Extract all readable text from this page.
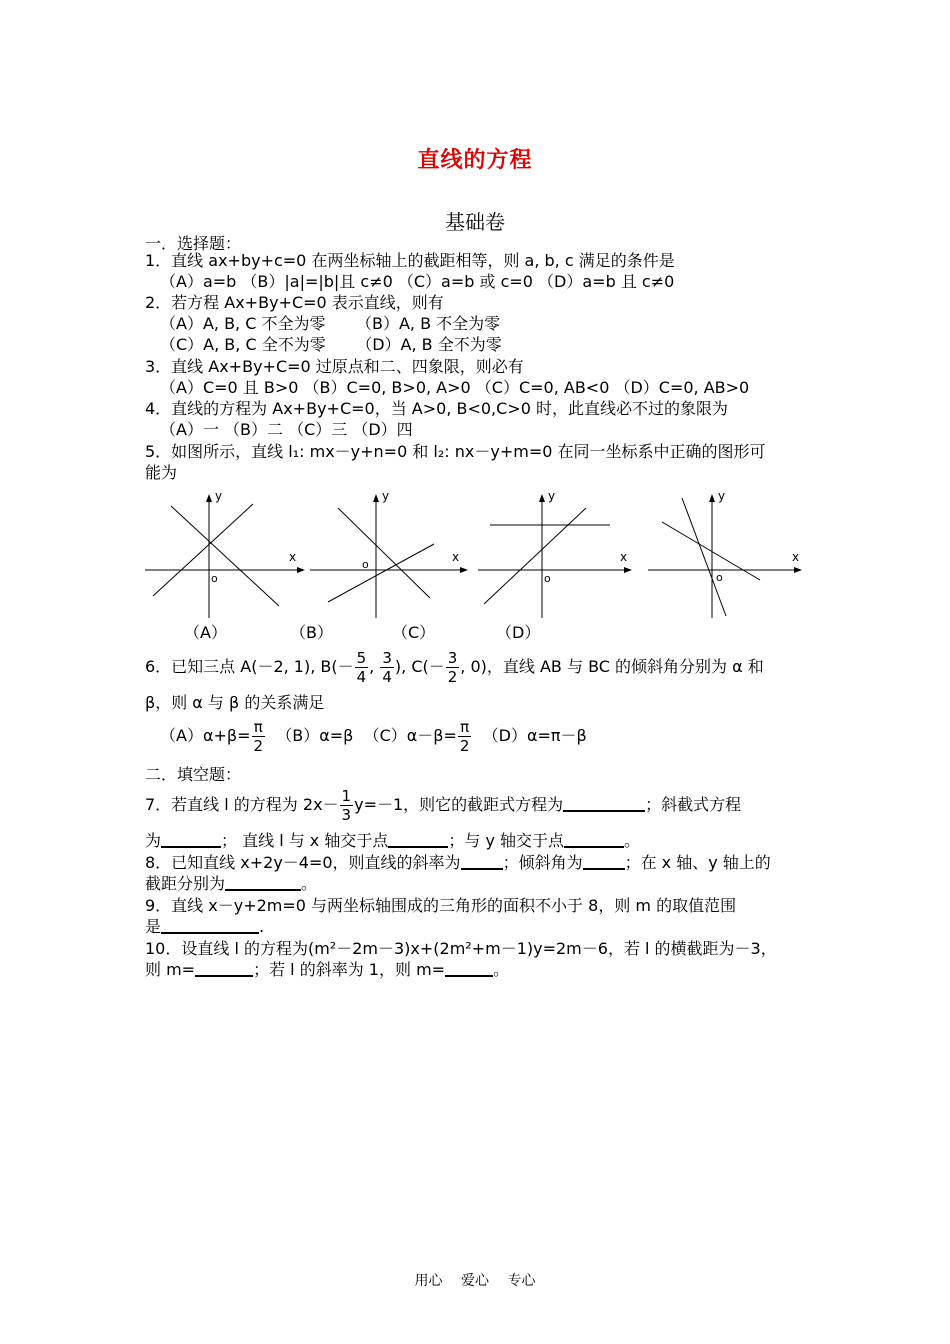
直线的方程
基础卷
一．选择题：
1．直线 ax+by+c=0 在两坐标轴上的截距相等，则 a, b, c 满足的条件是
（A）a=b （B）|a|=|b|且 c≠0 （C）a=b 或 c=0 （D）a=b 且 c≠0
2．若方程 Ax+By+C=0 表示直线，则有
（A）A, B, C 不全为零      （B）A, B 不全为零
（C）A, B, C 全不为零      （D）A, B 全不为零
3．直线 Ax+By+C=0 过原点和二、四象限，则必有
（A）C=0 且 B>0 （B）C=0, B>0, A>0 （C）C=0, AB<0 （D）C=0, AB>0
4．直线的方程为 Ax+By+C=0，当 A>0, B<0,C>0 时，此直线必不过的象限为
（A）一 （B）二 （C）三 （D）四
5．如图所示，直线 l₁: mx－y+n=0 和 l₂: nx－y+m=0 在同一坐标系中正确的图形可
能为
y
x
o
y
x
o
y
x
o
y
x
o
（A）	（B）	（C）	（D）
6．已知三点 A(－2, 1), $B(- \frac{5}{4}$ , $\frac{3}{4}$ ), $C(- \frac{3}{2}$ , 0)，直线 AB 与 BC 的倾斜角分别为 α 和
β，则 α 与 β 的关系满足
$(A)\alpha+\beta= \frac{\pi}{2} (B)\alpha=\beta$ $(C)\alpha-\beta= \frac{\pi}{2} (D)\alpha=\pi-\beta$
二．填空题：
7．若直线 l 的方程为 $2x- \frac{1}{3} y=-1$，则它的截距式方程为	；斜截式方程
为	； 直线 l 与 x 轴交于点	；与 y 轴交于点	。
8．已知直线 x+2y－4=0，则直线的斜率为	；倾斜角为	；在 x 轴、y 轴上的
截距分别为	。
9．直线 x－y+2m=0 与两坐标轴围成的三角形的面积不小于 8，则 m 的取值范围
是	.
10．设直线 l 的方程为(m²－2m－3)x+(2m²+m－1)y=2m－6，若 l 的横截距为－3，
则 m=	；若 l 的斜率为 1，则 m=	。
用心 爱心 专心
